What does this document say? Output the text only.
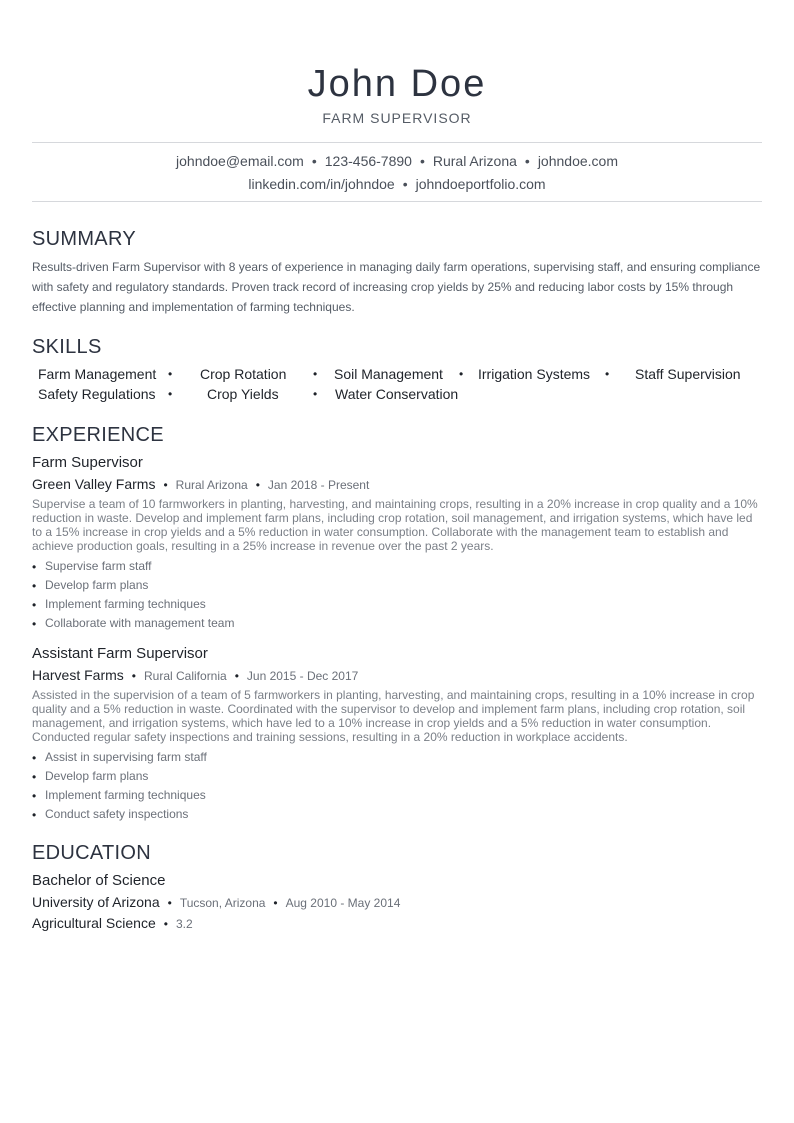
John Doe
FARM SUPERVISOR
johndoe@email.com • 123-456-7890 • Rural Arizona • johndoe.com
linkedin.com/in/johndoe • johndoeportfolio.com
SUMMARY
Results-driven Farm Supervisor with 8 years of experience in managing daily farm operations, supervising staff, and ensuring compliance with safety and regulatory standards. Proven track record of increasing crop yields by 25% and reducing labor costs by 15% through effective planning and implementation of farming techniques.
SKILLS
Farm Management • Crop Rotation • Soil Management • Irrigation Systems • Staff Supervision
Safety Regulations • Crop Yields	• Water Conservation
EXPERIENCE
Farm Supervisor
Green Valley Farms • Rural Arizona • Jan 2018 - Present
Supervise a team of 10 farmworkers in planting, harvesting, and maintaining crops, resulting in a 20% increase in crop quality and a 10% reduction in waste. Develop and implement farm plans, including crop rotation, soil management, and irrigation systems, which have led to a 15% increase in crop yields and a 5% reduction in water consumption. Collaborate with the management team to establish and achieve production goals, resulting in a 25% increase in revenue over the past 2 years.
• Supervise farm staff
• Develop farm plans
• Implement farming techniques
• Collaborate with management team
Assistant Farm Supervisor
Harvest Farms • Rural California • Jun 2015 - Dec 2017
Assisted in the supervision of a team of 5 farmworkers in planting, harvesting, and maintaining crops, resulting in a 10% increase in crop quality and a 5% reduction in waste. Coordinated with the supervisor to develop and implement farm plans, including crop rotation, soil management, and irrigation systems, which have led to a 10% increase in crop yields and a 5% reduction in water consumption. Conducted regular safety inspections and training sessions, resulting in a 20% reduction in workplace accidents.
• Assist in supervising farm staff
• Develop farm plans
• Implement farming techniques
• Conduct safety inspections
EDUCATION
Bachelor of Science
University of Arizona • Tucson, Arizona • Aug 2010 - May 2014
Agricultural Science • 3.2
